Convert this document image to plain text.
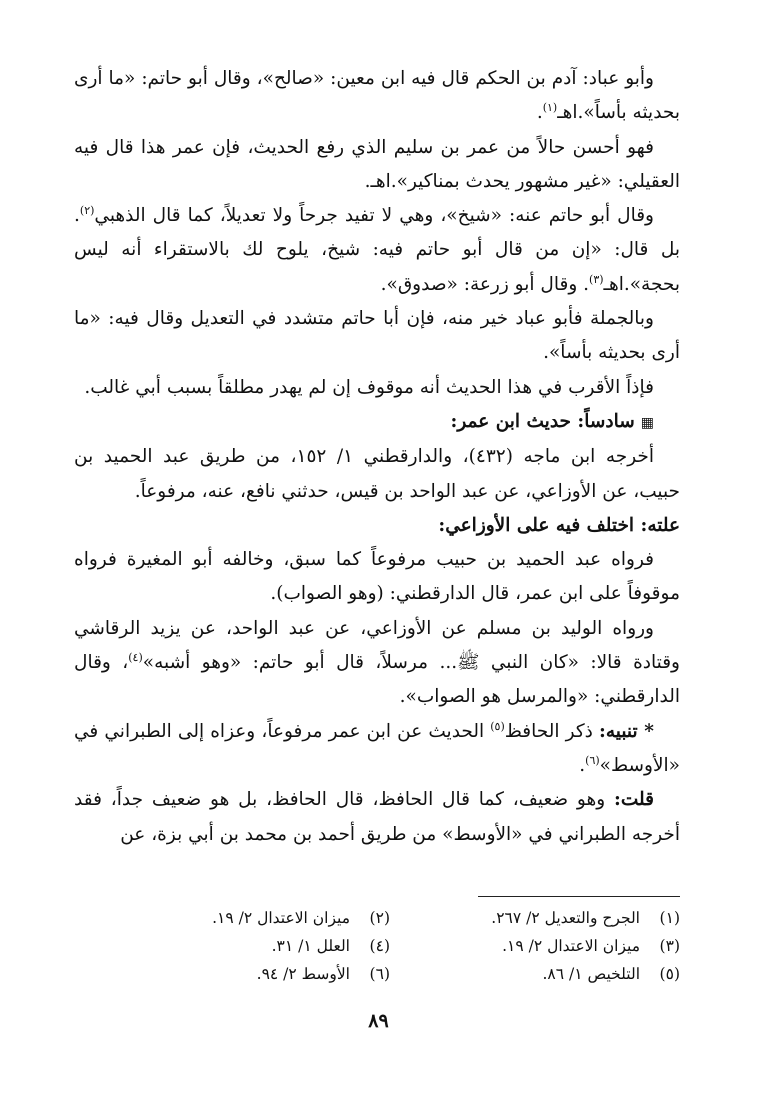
وأبو عباد: آدم بن الحكم قال فيه ابن معين: «صالح»، وقال أبو حاتم: «ما أرى بحديثه بأساً».اهـ$^{(١)}$.

فهو أحسن حالاً من عمر بن سليم الذي رفع الحديث، فإن عمر هذا قال فيه العقيلي: «غير مشهور يحدث بمناكير».اهـ.

وقال أبو حاتم عنه: «شيخ»، وهي لا تفيد جرحاً ولا تعديلاً، كما قال الذهبي$^{(٢)}$. بل قال: «إن من قال أبو حاتم فيه: شيخ، يلوح لك بالاستقراء أنه ليس بحجة».اهـ$^{(٣)}$. وقال أبو زرعة: «صدوق».

وبالجملة فأبو عباد خير منه، فإن أبا حاتم متشدد في التعديل وقال فيه: «ما أرى بحديثه بأساً».

فإذاً الأقرب في هذا الحديث أنه موقوف إن لم يهدر مطلقاً بسبب أبي غالب.

▦سادساً: حديث ابن عمر:

أخرجه ابن ماجه (٤٣٢)، والدارقطني ١/ ١٥٢، من طريق عبد الحميد بن حبيب، عن الأوزاعي، عن عبد الواحد بن قيس، حدثني نافع، عنه، مرفوعاً.

علته: اختلف فيه على الأوزاعي:

فرواه عبد الحميد بن حبيب مرفوعاً كما سبق، وخالفه أبو المغيرة فرواه موقوفاً على ابن عمر، قال الدارقطني: (وهو الصواب).

ورواه الوليد بن مسلم عن الأوزاعي، عن عبد الواحد، عن يزيد الرقاشي وقتادة قالا: «كان النبي ﷺ... مرسلاً، قال أبو حاتم: «وهو أشبه»$^{(٤)}$، وقال الدارقطني: «والمرسل هو الصواب».

* تنبيه: ذكر الحافظ$^{(٥)}$ الحديث عن ابن عمر مرفوعاً، وعزاه إلى الطبراني في «الأوسط»$^{(٦)}$.

قلت: وهو ضعيف، كما قال الحافظ، قال الحافظ، بل هو ضعيف جداً، فقد أخرجه الطبراني في «الأوسط» من طريق أحمد بن محمد بن أبي بزة، عن

(١)الجرح والتعديل ٢/ ٢٦٧.
(٢)ميزان الاعتدال ٢/ ١٩.
(٣)ميزان الاعتدال ٢/ ١٩.
(٤)العلل ١/ ٣١.
(٥)التلخيص ١/ ٨٦.
(٦)الأوسط ٢/ ٩٤.
٨٩
